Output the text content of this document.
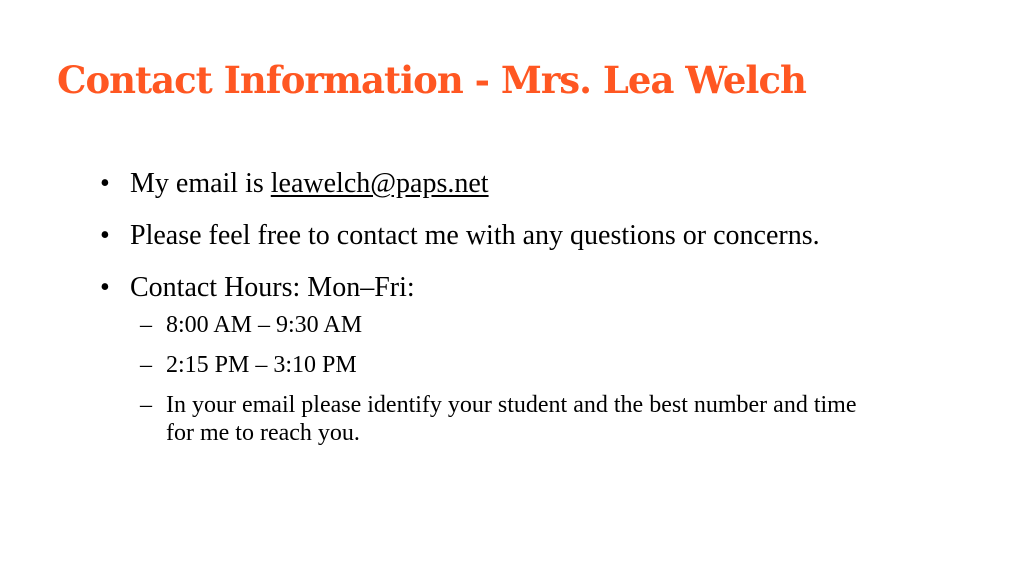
Contact Information - Mrs. Lea Welch
• My email is leawelch@paps.net
• Please feel free to contact me with any questions or concerns.
• Contact Hours: Mon–Fri:
– 8:00 AM – 9:30 AM
– 2:15 PM – 3:10 PM
– In your email please identify your student and the best number and time for me to reach you.
